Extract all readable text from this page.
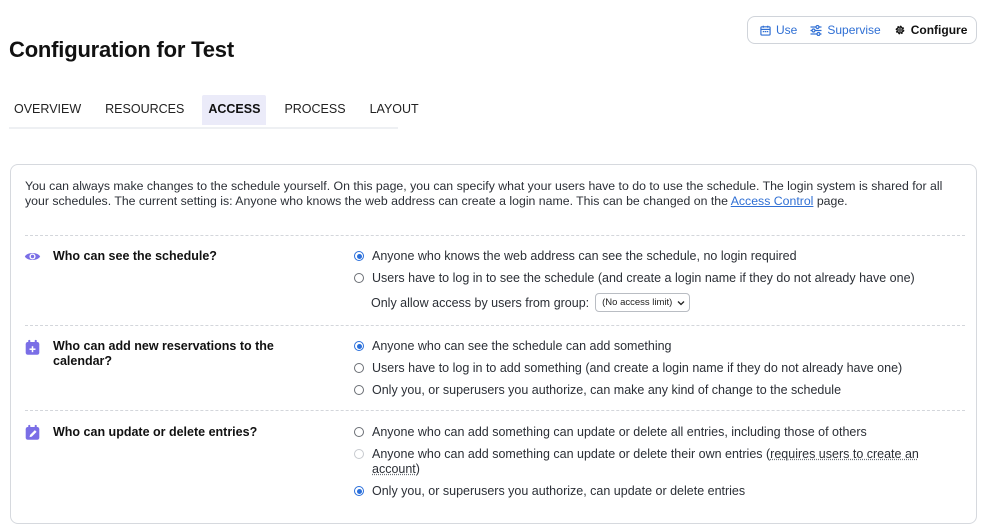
Configuration for Test
Use	Supervise	Configure
OVERVIEW	RESOURCES	ACCESS	PROCESS	LAYOUT

You can always make changes to the schedule yourself. On this page, you can specify what your users have to do to use the schedule. The login system is shared for all your schedules. The current setting is: Anyone who knows the web address can create a login name. This can be changed on the Access Control page.

Who can see the schedule?	Anyone who knows the web address can see the schedule, no login required
Users have to log in to see the schedule (and create a login name if they do not already have one)
Only allow access by users from group: (No access limit)

Who can add new reservations to the calendar?

Anyone who can see the schedule can add something
Users have to log in to add something (and create a login name if they do not already have one)
Only you, or superusers you authorize, can make any kind of change to the schedule

Who can update or delete entries?	Anyone who can add something can update or delete all entries, including those of others
Anyone who can add something can update or delete their own entries (requires users to create an account)
Only you, or superusers you authorize, can update or delete entries
